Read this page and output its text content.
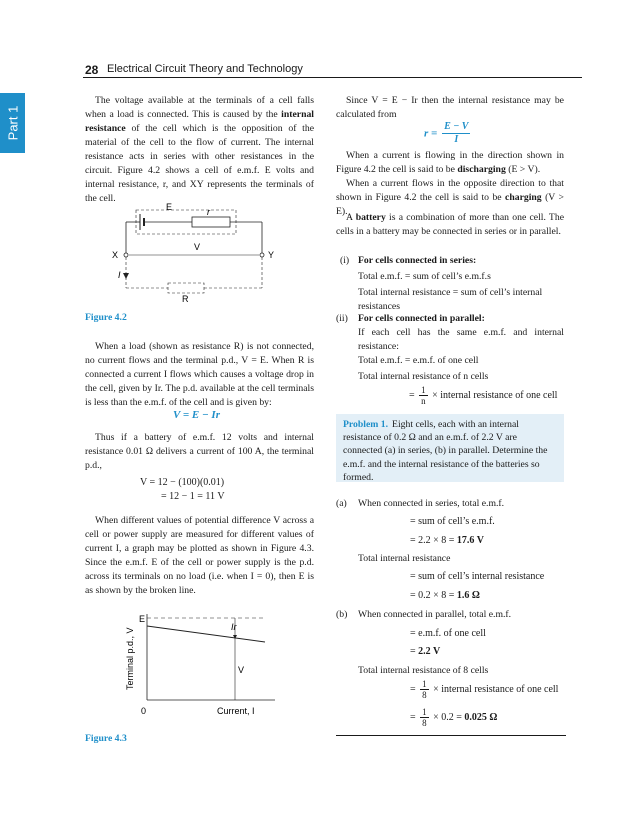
Part 1
28 Electrical Circuit Theory and Technology
The voltage available at the terminals of a cell falls when a load is connected. This is caused by the internal resistance of the cell which is the opposition of the material of the cell to the flow of current. The internal resistance acts in series with other resistances in the circuit. Figure 4.2 shows a cell of e.m.f. E volts and internal resistance, r, and XY represents the terminals of the cell.
E	r
V
X	Y
I
R
Figure 4.2
When a load (shown as resistance R) is not connected, no current flows and the terminal p.d., V = E. When R is connected a current I flows which causes a voltage drop in the cell, given by Ir. The p.d. available at the cell terminals is less than the e.m.f. of the cell and is given by:
V = E − Ir
Thus if a battery of e.m.f. 12 volts and internal resistance 0.01 Ω delivers a current of 100 A, the terminal p.d.,
V = 12 − (100)(0.01)
= 12 − 1 = 11 V
When different values of potential difference V across a cell or power supply are measured for different values of current I, a graph may be plotted as shown in Figure 4.3. Since the e.m.f. E of the cell or power supply is the p.d. across its terminals on no load (i.e. when I = 0), then E is as shown by the broken line.
E
Ir
V
0	Current, I
Terminal p.d., V
Figure 4.3
Since V = E − Ir then the internal resistance may be calculated from
$r = \frac{E - V}{I}$
When a current is flowing in the direction shown in Figure 4.2 the cell is said to be discharging (E > V).
When a current flows in the opposite direction to that shown in Figure 4.2 the cell is said to be charging (V > E).
A battery is a combination of more than one cell. The cells in a battery may be connected in series or in parallel.
(i) For cells connected in series:
Total e.m.f. = sum of cell’s e.m.f.s
Total internal resistance = sum of cell’s internal resistances
(ii) For cells connected in parallel:
If each cell has the same e.m.f. and internal resistance:
Total e.m.f. = e.m.f. of one cell
Total internal resistance of n cells
= $\frac{1}{n}$ × internal resistance of one cell
Problem 1. Eight cells, each with an internal resistance of 0.2 Ω and an e.m.f. of 2.2 V are connected (a) in series, (b) in parallel. Determine the e.m.f. and the internal resistance of the batteries so formed.
(a) When connected in series, total e.m.f.
= sum of cell’s e.m.f.
= 2.2 × 8 = 17.6 V
Total internal resistance
= sum of cell’s internal resistance
= 0.2 × 8 = 1.6 Ω
(b) When connected in parallel, total e.m.f.
= e.m.f. of one cell
= 2.2 V
Total internal resistance of 8 cells
= $\frac{1}{8}$ × internal resistance of one cell
= $\frac{1}{8} \times 0.2 = 0.025$ Ω
